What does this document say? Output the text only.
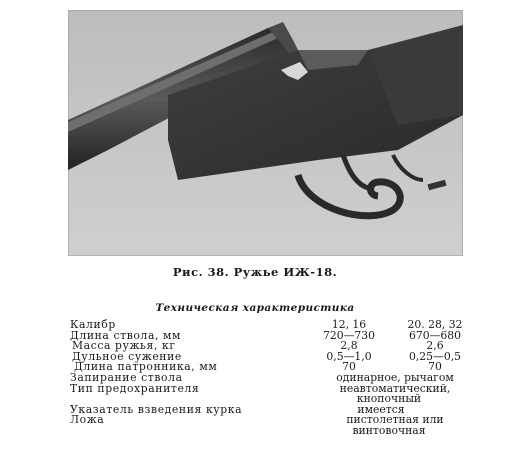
Рис. 38. Ружье ИЖ-18.
Техническая характеристика
Калибр	12, 16	20. 28, 32
Длина ствола, мм	720—730	670—680
Масса ружья, кг	2,8	2,6
Дульное сужение	0,5—1,0	0,25—0,5
Длина патронника, мм	70	70
Запирание ствола	одинарное, рычагом
Тип предохранителя	неавтоматический,
кнопочный
Указатель взведения курка	имеется
Ложа	пистолетная или
винтовочная
